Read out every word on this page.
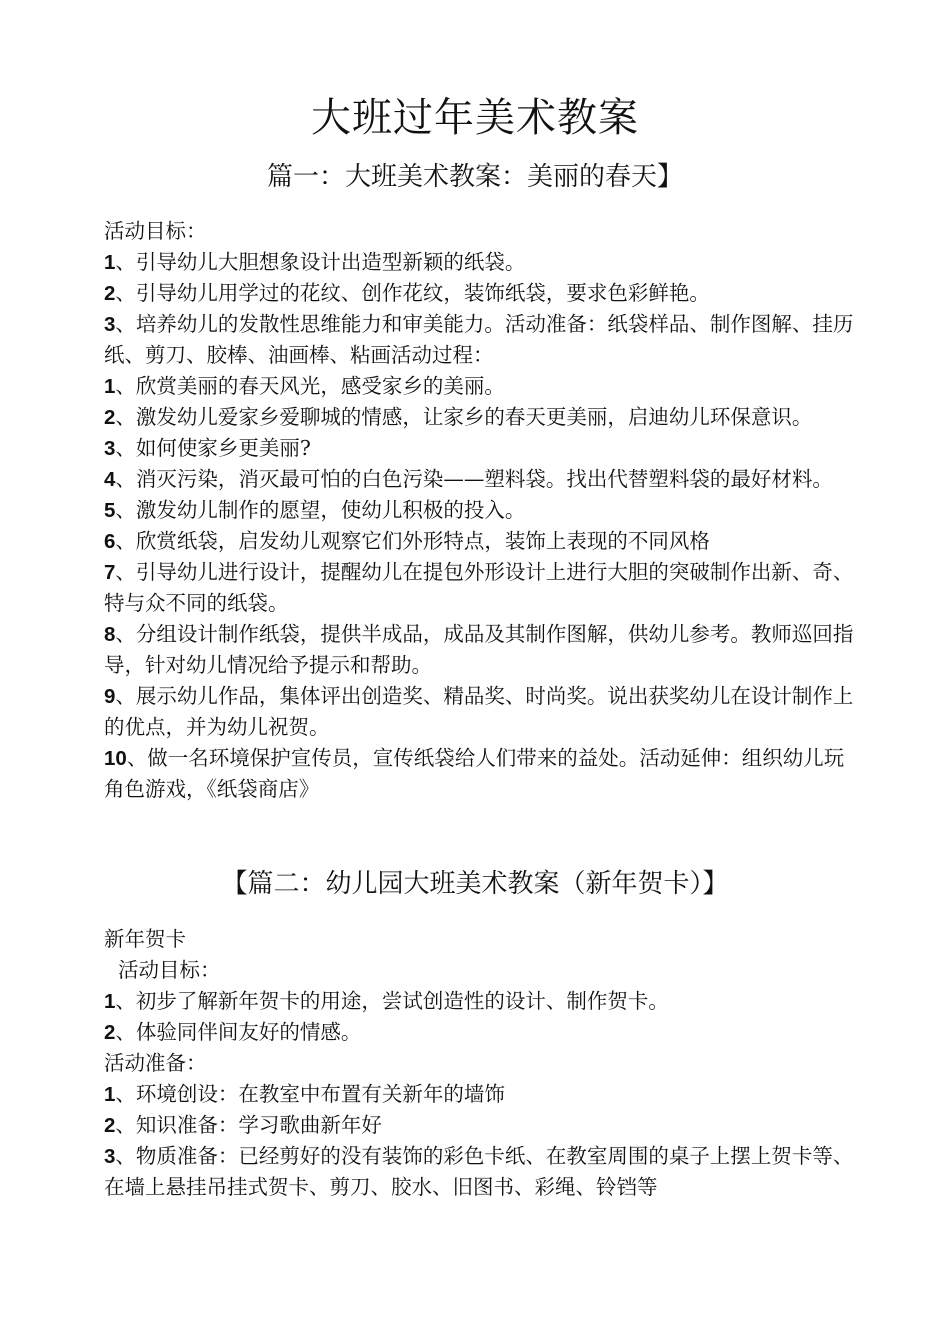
大班过年美术教案
篇一：大班美术教案：美丽的春天】

活动目标：

1、引导幼儿大胆想象设计出造型新颖的纸袋。

2、引导幼儿用学过的花纹、创作花纹，装饰纸袋，要求色彩鲜艳。

3、培养幼儿的发散性思维能力和审美能力。活动准备：纸袋样品、制作图解、挂历纸、剪刀、胶棒、油画棒、粘画活动过程：

1、欣赏美丽的春天风光，感受家乡的美丽。

2、激发幼儿爱家乡爱聊城的情感，让家乡的春天更美丽，启迪幼儿环保意识。

3、如何使家乡更美丽?

4、消灭污染，消灭最可怕的白色污染——塑料袋。找出代替塑料袋的最好材料。

5、激发幼儿制作的愿望，使幼儿积极的投入。

6、欣赏纸袋，启发幼儿观察它们外形特点，装饰上表现的不同风格

7、引导幼儿进行设计，提醒幼儿在提包外形设计上进行大胆的突破制作出新、奇、特与众不同的纸袋。

8、分组设计制作纸袋，提供半成品，成品及其制作图解，供幼儿参考。教师巡回指导，针对幼儿情况给予提示和帮助。

9、展示幼儿作品，集体评出创造奖、精品奖、时尚奖。说出获奖幼儿在设计制作上的优点，并为幼儿祝贺。

10、做一名环境保护宣传员，宣传纸袋给人们带来的益处。活动延伸：组织幼儿玩角色游戏，《纸袋商店》

【篇二：幼儿园大班美术教案（新年贺卡）】

新年贺卡

活动目标：

1、初步了解新年贺卡的用途，尝试创造性的设计、制作贺卡。

2、体验同伴间友好的情感。

活动准备：

1、环境创设：在教室中布置有关新年的墙饰

2、知识准备：学习歌曲新年好

3、物质准备：已经剪好的没有装饰的彩色卡纸、在教室周围的桌子上摆上贺卡等、在墙上悬挂吊挂式贺卡、剪刀、胶水、旧图书、彩绳、铃铛等
